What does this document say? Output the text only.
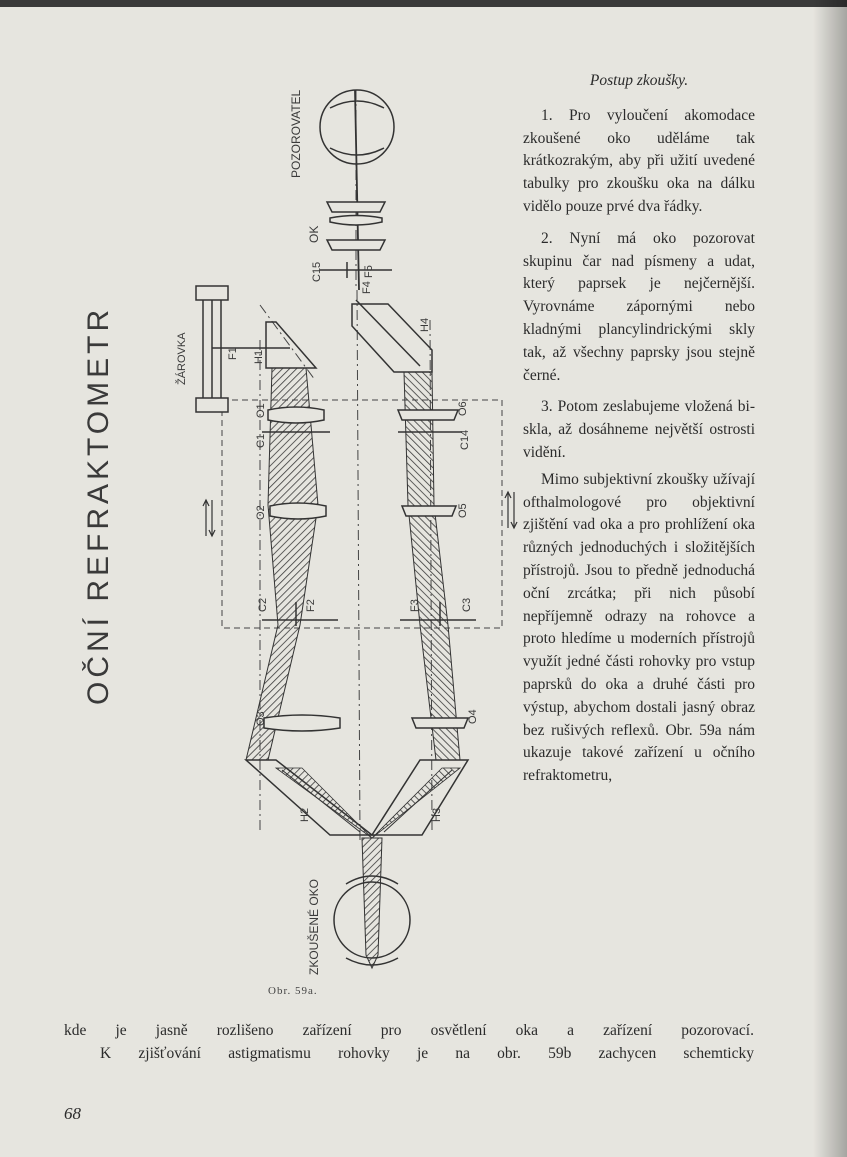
OČNÍ REFRAKTOMETR
POZOROVATEL
OK
C15	F5
F4
H4
ŽÁROVKA	F1 H1
O1
C1
O6
C14
O2	O5
C2	F2	F3	C3
O3	O4
H2	H3
ZKOUŠENÉ OKO
Obr. 59a.

Postup zkoušky.

1. Pro vyloučení akomodace zkoušené oko uděláme tak krátkozrakým, aby při užití uvedené tabulky pro zkoušku oka na dálku vidělo pouze prvé dva řádky.

2. Nyní má oko pozorovat skupinu čar nad písmeny a udat, který paprsek je nejčernější. Vyrovnáme zápornými nebo kladnými plancylindrickými skly tak, až všechny paprsky jsou stejně černé.

3. Potom zeslabujeme vložená bi-skla, až dosáhneme největší ostrosti vidění.

Mimo subjektivní zkoušky užívají ofthalmologové pro objektivní zjištění vad oka a pro prohlížení oka různých jednoduchých i složitějších přístrojů. Jsou to předně jednoduchá oční zrcátka; při nich působí nepříjemně odrazy na rohovce a proto hledíme u moderních přístrojů využít jedné části rohovky pro vstup paprsků do oka a druhé části pro výstup, abychom dostali jasný obraz bez rušivých reflexů. Obr. 59a nám ukazuje takové zařízení u očního refraktometru,

kde je jasně rozlišeno zařízení pro osvětlení oka a zařízení pozorovací.
K zjišťování astigmatismu rohovky je na obr. 59b zachycen schemticky
68
